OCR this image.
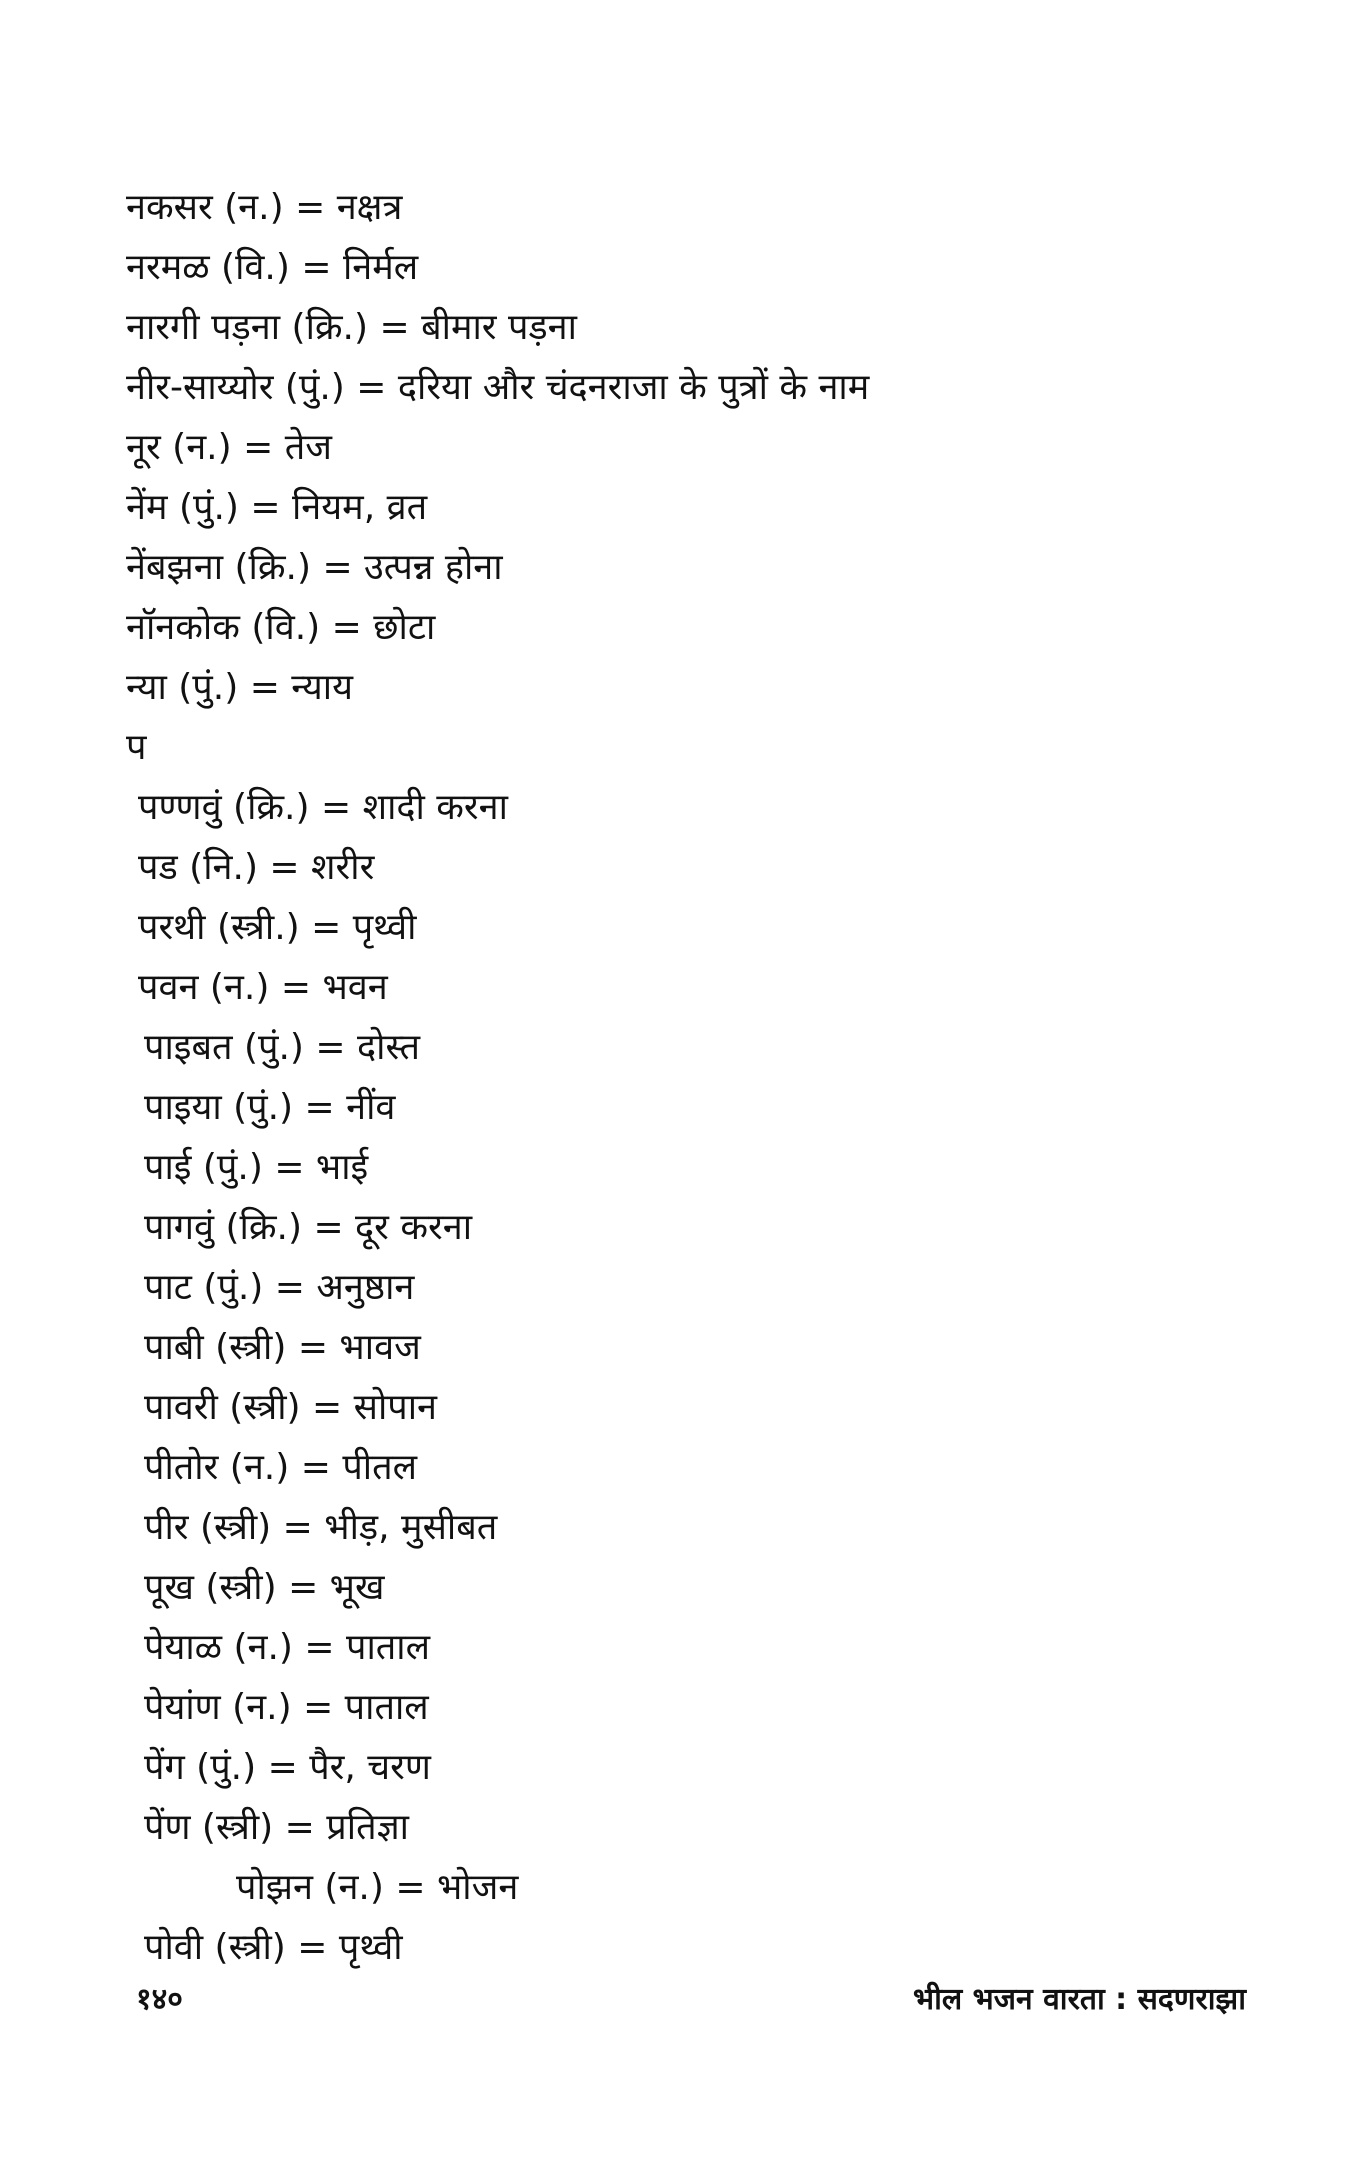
नकसर (न.) = नक्षत्र
नरमळ (वि.) = निर्मल
नारगी पड़ना (क्रि.) = बीमार पड़ना
नीर-साय्योर (पुं.) = दरिया और चंदनराजा के पुत्रों के नाम
नूर (न.) = तेज
नेंम (पुं.) = नियम, व्रत
नेंबझना (क्रि.) = उत्पन्न होना
नॉनकोक (वि.) = छोटा
न्या (पुं.) = न्याय
प
पण्णवुं (क्रि.) = शादी करना
पड (नि.) = शरीर
परथी (स्त्री.) = पृथ्वी
पवन (न.) = भवन
पाइबत (पुं.) = दोस्त
पाइया (पुं.) = नींव
पाई (पुं.) = भाई
पागवुं (क्रि.) = दूर करना
पाट (पुं.) = अनुष्ठान
पाबी (स्त्री) = भावज
पावरी (स्त्री) = सोपान
पीतोर (न.) = पीतल
पीर (स्त्री) = भीड़, मुसीबत
पूख (स्त्री) = भूख
पेयाळ (न.) = पाताल
पेयांण (न.) = पाताल
पेंग (पुं.) = पैर, चरण
पेंण (स्त्री) = प्रतिज्ञा
पोझन (न.) = भोजन
पोवी (स्त्री) = पृथ्वी
१४०	भील भजन वारता : सदणराझा
